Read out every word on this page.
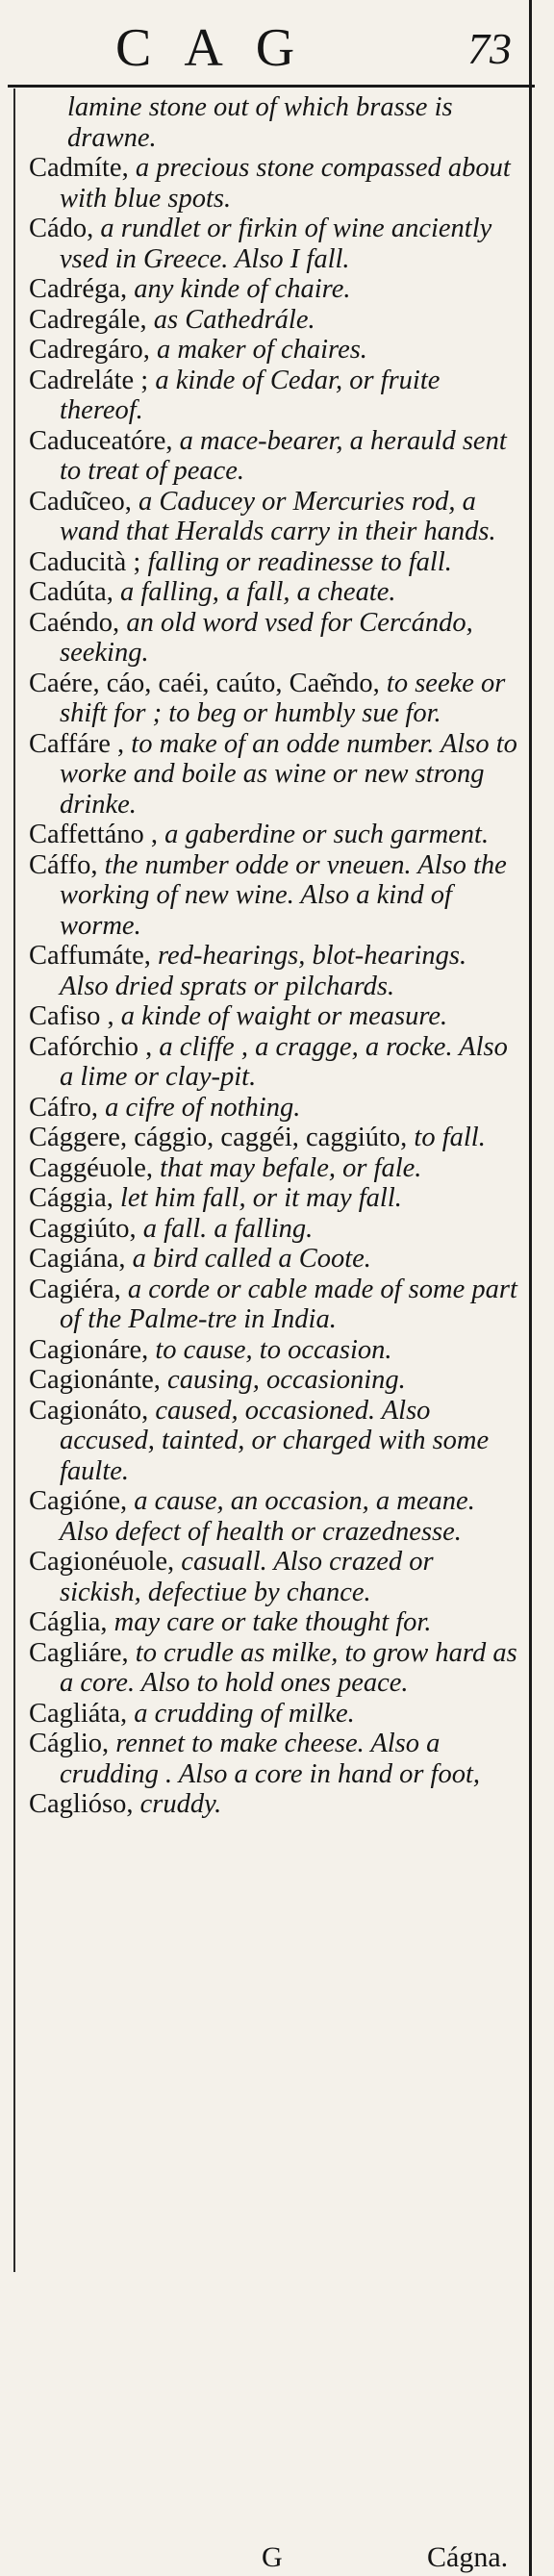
CAG	73

lamine stone out of which brasse is drawne.

Cadmíte, a precious stone compassed about with blue spots.

Cádo, a rundlet or firkin of wine anciently vsed in Greece. Also I fall.

Cadréga, any kinde of chaire.

Cadregále, as Cathedrále.

Cadregáro, a maker of chaires.

Cadreláte ; a kinde of Cedar, or fruite thereof.

Caduceatóre, a mace-bearer, a herauld sent to treat of peace.

Cadu͂ceo, a Caducey or Mercuries rod, a wand that Heralds carry in their hands.

Caducità ; falling or readinesse to fall.

Cadúta, a falling, a fall, a cheate.

Caéndo, an old word vsed for Cercándo, seeking.

Caére, cáo, caéi, caúto, Cae͂ndo, to seeke or shift for ; to beg or humbly sue for.

Caffáre , to make of an odde number. Also to worke and boile as wine or new strong drinke.

Caffettáno , a gaberdine or such garment.

Cáffo, the number odde or vneuen. Also the working of new wine. Also a kind of worme.

Caffumáte, red-hearings, blot-hearings. Also dried sprats or pilchards.

Cafiso , a kinde of waight or measure.

Cafórchio , a cliffe , a cragge, a rocke. Also a lime or clay-pit.

Cáfro, a cifre of nothing.

Cággere, cággio, caggéi, caggiúto, to fall.

Caggéuole, that may befale, or fale.

Cággia, let him fall, or it may fall.

Caggiúto, a fall. a falling.

Cagiána, a bird called a Coote.

Cagiéra, a corde or cable made of some part of the Palme-tre in India.

Cagionáre, to cause, to occasion.

Cagionánte, causing, occasioning.

Cagionáto, caused, occasioned. Also accused, tainted, or charged with some faulte.

Cagióne, a cause, an occasion, a meane. Also defect of health or crazednesse.

Cagionéuole, casuall. Also crazed or sickish, defectiue by chance.

Cáglia, may care or take thought for.

Cagliáre, to crudle as milke, to grow hard as a core. Also to hold ones peace.

Cagliáta, a crudding of milke.

Cáglio, rennet to make cheese. Also a crudding . Also a core in hand or foot,

Caglióso, cruddy.

G	Cágna.
